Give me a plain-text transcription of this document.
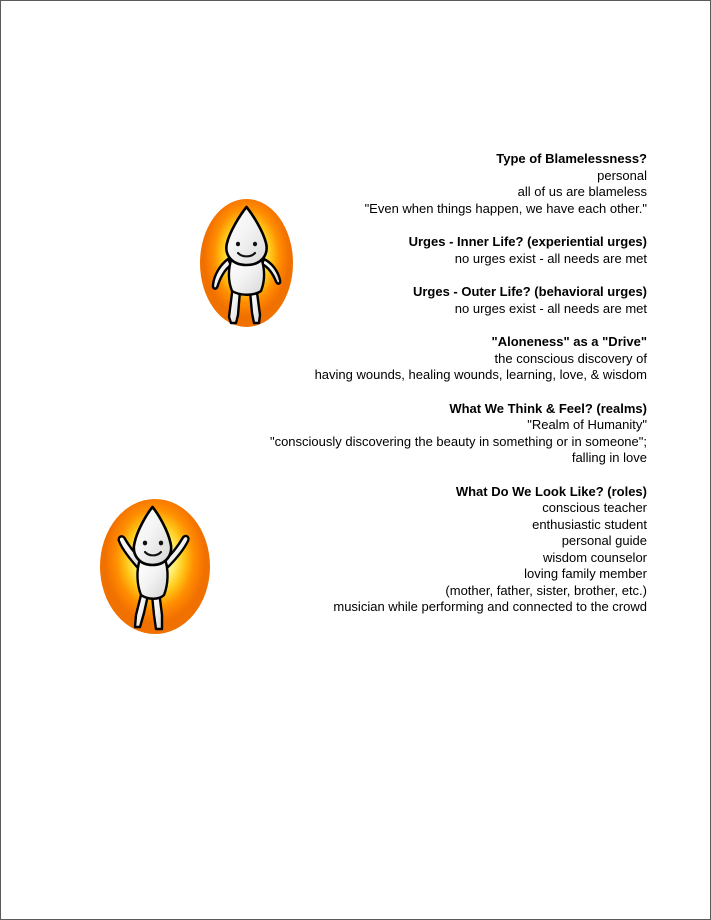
Type of Blamelessness?
personal
all of us are blameless
"Even when things happen, we have each other."
Urges - Inner Life? (experiential urges)
no urges exist - all needs are met
Urges - Outer Life? (behavioral urges)
no urges exist - all needs are met
"Aloneness" as a "Drive"
the conscious discovery of
having wounds, healing wounds, learning, love, & wisdom
What We Think & Feel? (realms)
"Realm of Humanity"
"consciously discovering the beauty in something or in someone";
falling in love
What Do We Look Like? (roles)
conscious teacher
enthusiastic student
personal guide
wisdom counselor
loving family member
(mother, father, sister, brother, etc.)
musician while performing and connected to the crowd
